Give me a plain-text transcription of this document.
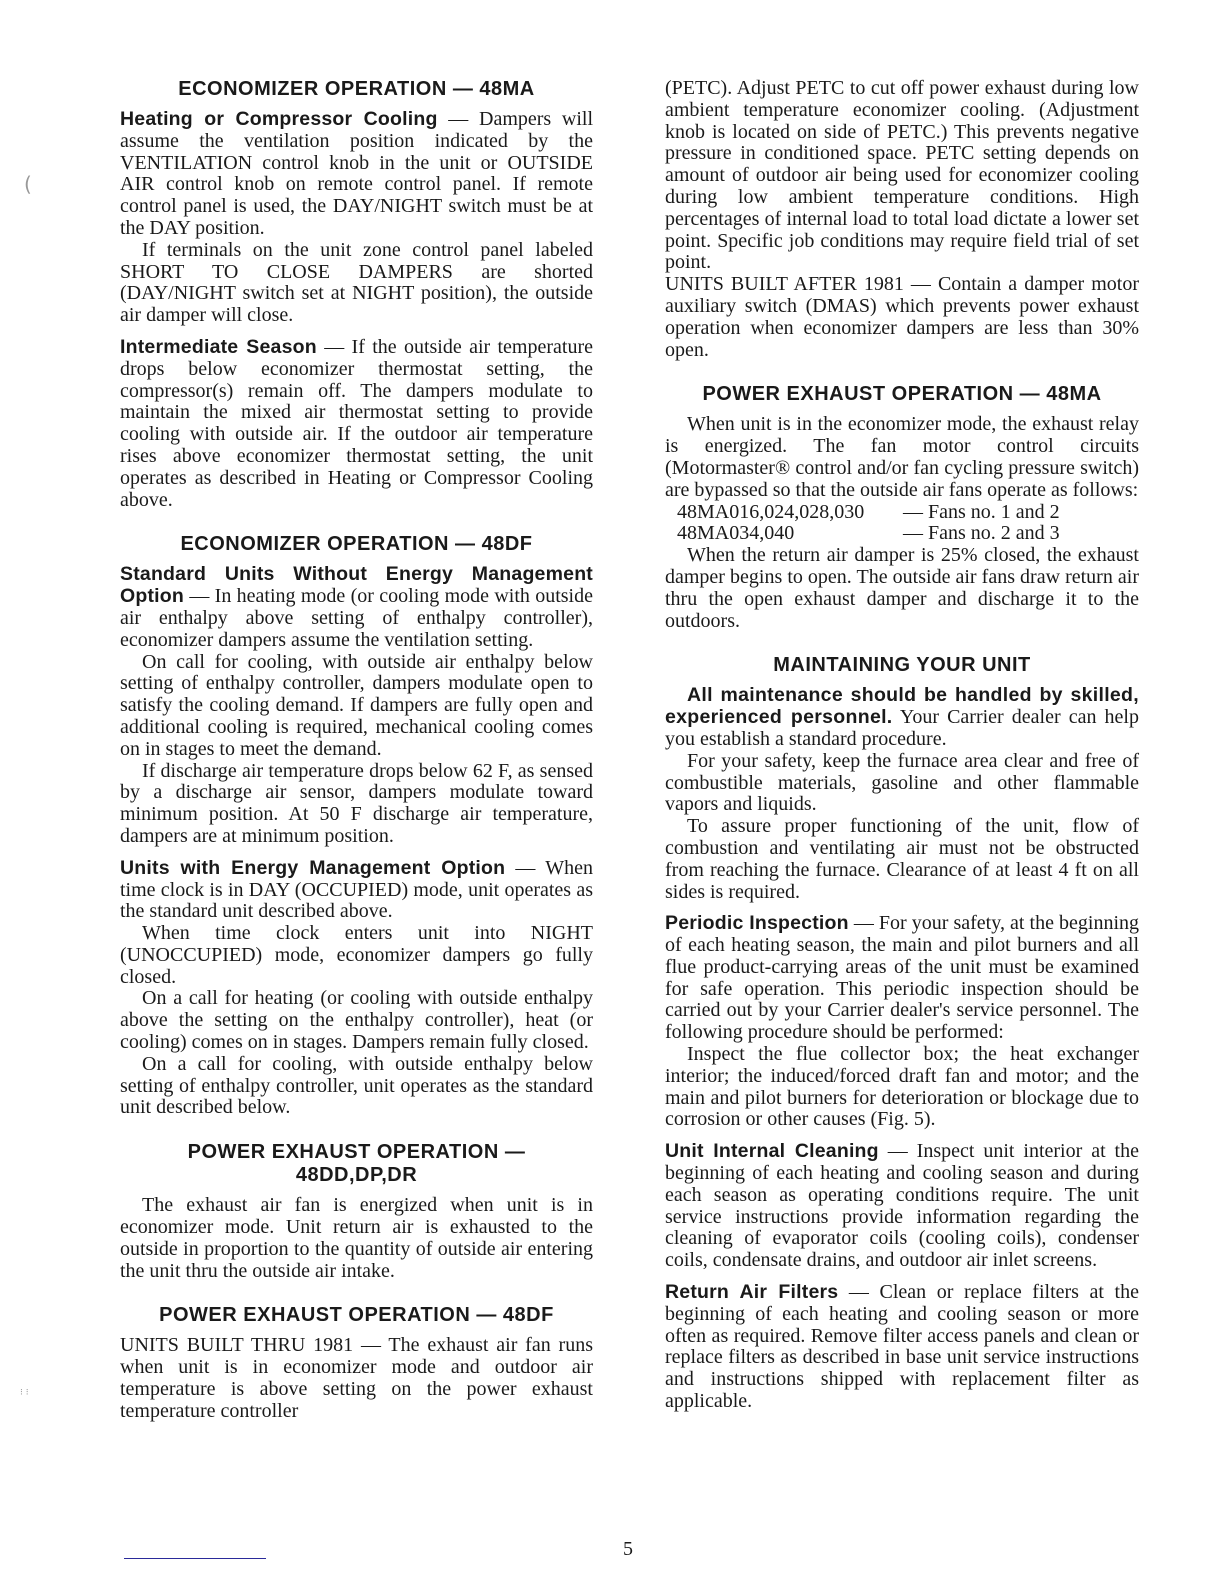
(
⁝ ⁝
ECONOMIZER OPERATION — 48MA

Heating or Compressor Cooling — Dampers will assume the ventilation position indicated by the VENTILATION control knob in the unit or OUTSIDE AIR control knob on remote control panel. If remote control panel is used, the DAY/NIGHT switch must be at the DAY position.

If terminals on the unit zone control panel labeled SHORT TO CLOSE DAMPERS are shorted (DAY/NIGHT switch set at NIGHT position), the outside air damper will close.

Intermediate Season — If the outside air temperature drops below economizer thermostat setting, the compressor(s) remain off. The dampers modulate to maintain the mixed air thermostat setting to provide cooling with outside air. If the outdoor air temperature rises above economizer thermostat setting, the unit operates as described in Heating or Compressor Cooling above.

ECONOMIZER OPERATION — 48DF

Standard Units Without Energy Management Option — In heating mode (or cooling mode with outside air enthalpy above setting of enthalpy controller), economizer dampers assume the ventilation setting.

On call for cooling, with outside air enthalpy below setting of enthalpy controller, dampers modulate open to satisfy the cooling demand. If dampers are fully open and additional cooling is required, mechanical cooling comes on in stages to meet the demand.

If discharge air temperature drops below 62 F, as sensed by a discharge air sensor, dampers modulate toward minimum position. At 50 F discharge air temperature, dampers are at minimum position.

Units with Energy Management Option — When time clock is in DAY (OCCUPIED) mode, unit operates as the standard unit described above.

When time clock enters unit into NIGHT (UNOCCUPIED) mode, economizer dampers go fully closed.

On a call for heating (or cooling with outside enthalpy above the setting on the enthalpy controller), heat (or cooling) comes on in stages. Dampers remain fully closed.

On a call for cooling, with outside enthalpy below setting of enthalpy controller, unit operates as the standard unit described below.

POWER EXHAUST OPERATION —
48DD,DP,DR

The exhaust air fan is energized when unit is in economizer mode. Unit return air is exhausted to the outside in proportion to the quantity of outside air entering the unit thru the outside air intake.

POWER EXHAUST OPERATION — 48DF

UNITS BUILT THRU 1981 — The exhaust air fan runs when unit is in economizer mode and outdoor air temperature is above setting on the power exhaust temperature controller

(PETC). Adjust PETC to cut off power exhaust during low ambient temperature economizer cooling. (Adjustment knob is located on side of PETC.) This prevents negative pressure in conditioned space. PETC setting depends on amount of outdoor air being used for economizer cooling during low ambient temperature conditions. High percentages of internal load to total load dictate a lower set point. Specific job conditions may require field trial of set point.

UNITS BUILT AFTER 1981 — Contain a damper motor auxiliary switch (DMAS) which prevents power exhaust operation when economizer dampers are less than 30% open.

POWER EXHAUST OPERATION — 48MA

When unit is in the economizer mode, the exhaust relay is energized. The fan motor control circuits (Motormaster® control and/or fan cycling pressure switch) are bypassed so that the outside air fans operate as follows:

48MA016,024,028,030	— Fans no. 1 and 2
48MA034,040	— Fans no. 2 and 3

When the return air damper is 25% closed, the exhaust damper begins to open. The outside air fans draw return air thru the open exhaust damper and discharge it to the outdoors.

MAINTAINING YOUR UNIT

All maintenance should be handled by skilled, experienced personnel. Your Carrier dealer can help you establish a standard procedure.

For your safety, keep the furnace area clear and free of combustible materials, gasoline and other flammable vapors and liquids.

To assure proper functioning of the unit, flow of combustion and ventilating air must not be obstructed from reaching the furnace. Clearance of at least 4 ft on all sides is required.

Periodic Inspection — For your safety, at the beginning of each heating season, the main and pilot burners and all flue product-carrying areas of the unit must be examined for safe operation. This periodic inspection should be carried out by your Carrier dealer's service personnel. The following procedure should be performed:

Inspect the flue collector box; the heat exchanger interior; the induced/forced draft fan and motor; and the main and pilot burners for deterioration or blockage due to corrosion or other causes (Fig. 5).

Unit Internal Cleaning — Inspect unit interior at the beginning of each heating and cooling season and during each season as operating conditions require. The unit service instructions provide information regarding the cleaning of evaporator coils (cooling coils), condenser coils, condensate drains, and outdoor air inlet screens.

Return Air Filters — Clean or replace filters at the beginning of each heating and cooling season or more often as required. Remove filter access panels and clean or replace filters as described in base unit service instructions and instructions shipped with replacement filter as applicable.

5
